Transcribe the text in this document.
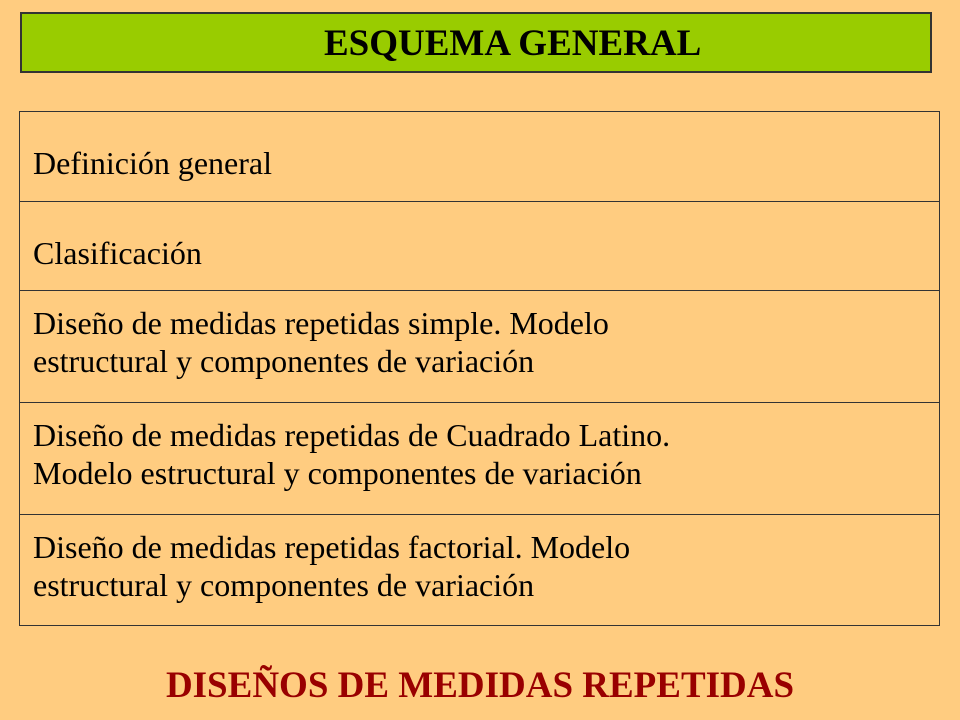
ESQUEMA GENERAL
Definición general
Clasificación
Diseño de medidas repetidas simple. Modelo
estructural y componentes de variación
Diseño de medidas repetidas de Cuadrado Latino.
Modelo estructural y componentes de variación
Diseño de medidas repetidas factorial. Modelo
estructural y componentes de variación
DISEÑOS DE MEDIDAS REPETIDAS
